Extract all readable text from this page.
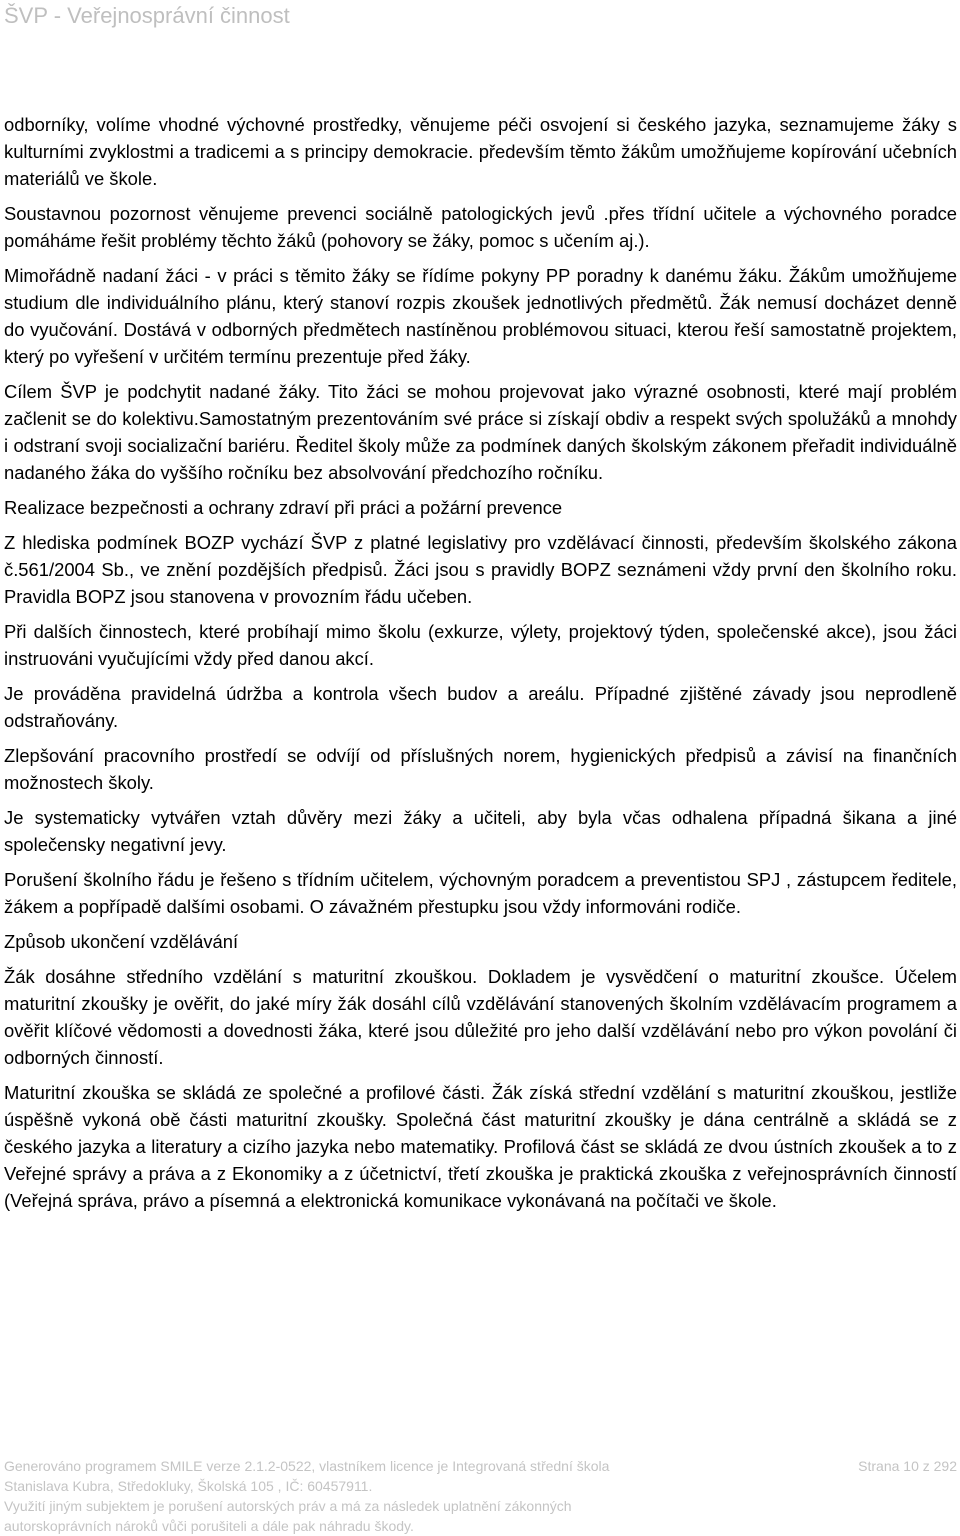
ŠVP - Veřejnosprávní činnost

odborníky, volíme vhodné výchovné prostředky, věnujeme péči osvojení si českého jazyka, seznamujeme žáky s kulturními zvyklostmi a tradicemi a s principy demokracie. především těmto žákům umožňujeme kopírování učebních materiálů ve škole.

Soustavnou pozornost věnujeme prevenci sociálně patologických jevů .přes třídní učitele a výchovného poradce pomáháme řešit problémy těchto žáků (pohovory se žáky, pomoc s učením aj.).

Mimořádně nadaní žáci - v práci s těmito žáky se řídíme pokyny PP poradny k danému žáku. Žákům umožňujeme studium dle individuálního plánu, který stanoví rozpis zkoušek jednotlivých předmětů. Žák nemusí docházet denně do vyučování. Dostává v odborných předmětech nastíněnou problémovou situaci, kterou řeší samostatně projektem, který po vyřešení v určitém termínu prezentuje před žáky.

Cílem ŠVP je podchytit nadané žáky. Tito žáci se mohou projevovat jako výrazné osobnosti, které mají problém začlenit se do kolektivu.Samostatným prezentováním své práce si získají obdiv a respekt svých spolužáků a mnohdy i odstraní svoji socializační bariéru. Ředitel školy může za podmínek daných školským zákonem přeřadit individuálně nadaného žáka do vyššího ročníku bez absolvování předchozího ročníku.

Realizace bezpečnosti a ochrany zdraví při práci a požární prevence

Z hlediska podmínek BOZP vychází ŠVP z platné legislativy pro vzdělávací činnosti, především školského zákona č.561/2004 Sb., ve znění pozdějších předpisů. Žáci jsou s pravidly BOPZ seznámeni vždy první den školního roku. Pravidla BOPZ jsou stanovena v provozním řádu učeben.

Při dalších činnostech, které probíhají mimo školu (exkurze, výlety, projektový týden, společenské akce), jsou žáci instruováni vyučujícími vždy před danou akcí.

Je prováděna pravidelná údržba a kontrola všech budov a areálu. Případné zjištěné závady jsou neprodleně odstraňovány.

Zlepšování pracovního prostředí se odvíjí od příslušných norem, hygienických předpisů a závisí na finančních možnostech školy.

Je systematicky vytvářen vztah důvěry mezi žáky a učiteli, aby byla včas odhalena případná šikana a jiné společensky negativní jevy.

Porušení školního řádu je řešeno s třídním učitelem, výchovným poradcem a preventistou SPJ , zástupcem ředitele, žákem a popřípadě dalšími osobami. O závažném přestupku jsou vždy informováni rodiče.

Způsob ukončení vzdělávání

Žák dosáhne středního vzdělání s maturitní zkouškou. Dokladem je vysvědčení o maturitní zkoušce. Účelem maturitní zkoušky je ověřit, do jaké míry žák dosáhl cílů vzdělávání stanovených školním vzdělávacím programem a ověřit klíčové vědomosti a dovednosti žáka, které jsou důležité pro jeho další vzdělávání nebo pro výkon povolání či odborných činností.

Maturitní zkouška se skládá ze společné a profilové části. Žák získá střední vzdělání s maturitní zkouškou, jestliže úspěšně vykoná obě části maturitní zkoušky. Společná část maturitní zkoušky je dána centrálně a skládá se z českého jazyka a literatury a cizího jazyka nebo matematiky. Profilová část se skládá ze dvou ústních zkoušek a to z Veřejné správy a práva a z Ekonomiky a z účetnictví, třetí zkouška je praktická zkouška z veřejnosprávních činností (Veřejná správa, právo a písemná a elektronická komunikace vykonávaná na počítači ve škole.

Generováno programem SMILE verze 2.1.2-0522, vlastníkem licence je Integrovaná střední škola	Strana 10 z 292
Stanislava Kubra, Středokluky, Školská 105 , IČ: 60457911.
Využití jiným subjektem je porušení autorských práv a má za následek uplatnění zákonných
autorskoprávních nároků vůči porušiteli a dále pak náhradu škody.
